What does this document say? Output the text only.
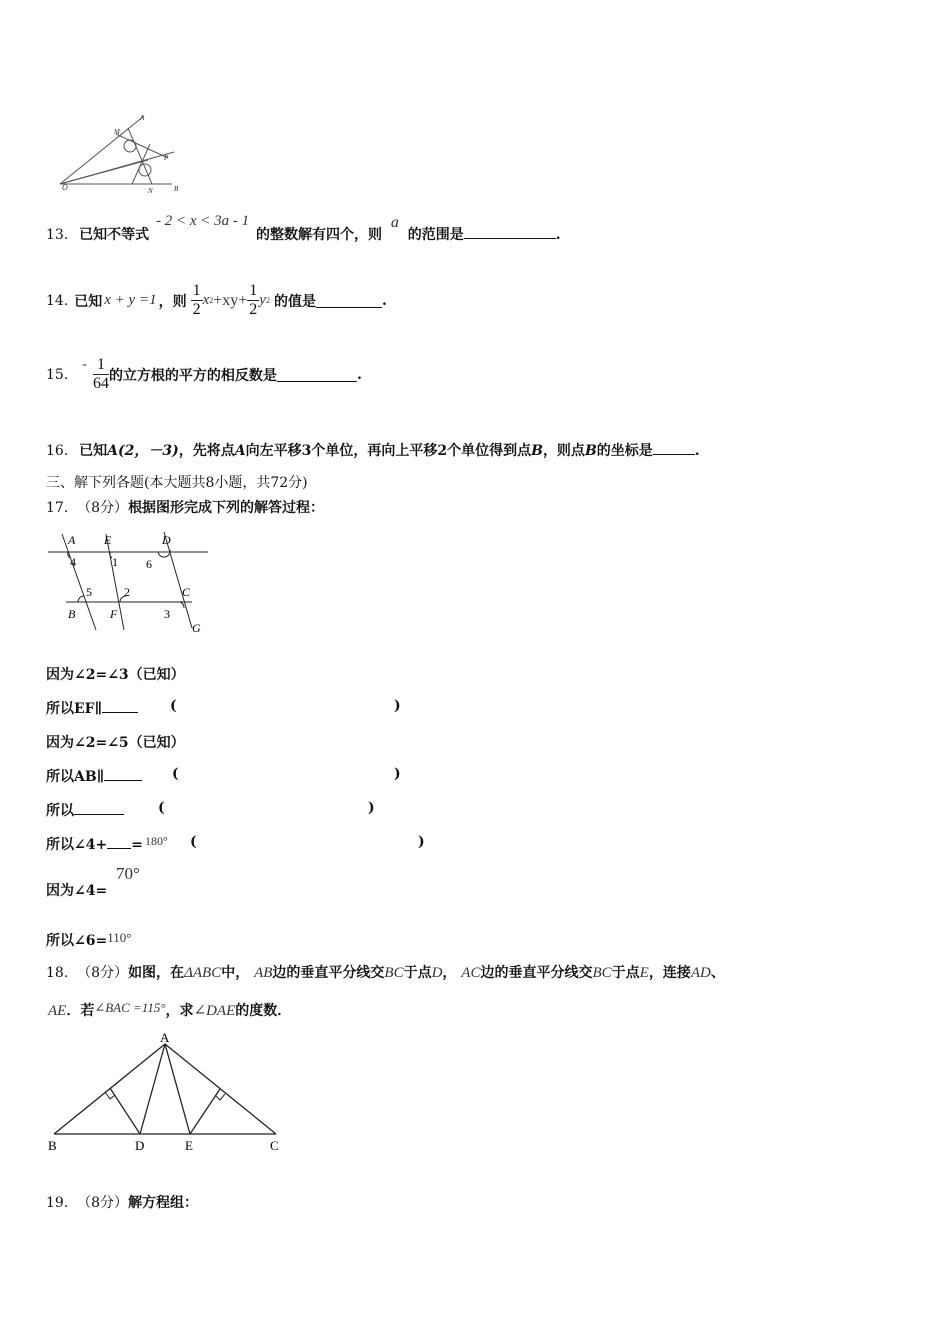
O
M
A
P
N	B
13. 已知不等式 - 2 < x < 3a - 1 的整数解有四个，则 a 的范围是	.
14. 已知 x + y =1 ，则 $\frac{1}{2}$ x $2 +xy+ \frac{1}{2}$ y 2 的值是	.
15.
- $\frac{1}{64}$ 的立方根的平方的相反数是	.
16. 已知A(2，－3)，先将点A向左平移3个单位，再向上平移2个单位得到点B，则点B的坐标是	.
三、解下列各题(本大题共8小题，共72分)
17. （8分）根据图形完成下列的解答过程：
A E	D
4	1 6
5	2	C
B	F	3
G
因为∠2=∠3（已知）
所以EF∥	(	)
因为∠2=∠5（已知）
所以AB∥	(	)
所以	(	)
所以∠4+ = 180° (	)
因为∠4=
70°
所以∠6=110°
18. （8分）如图，在ΔABC中， AB边的垂直平分线交BC于点D， AC边的垂直平分线交BC于点E，连接AD、
AE．若∠BAC =115°，求∠DAE的度数．
A
B	D	E	C
19. （8分）解方程组：
